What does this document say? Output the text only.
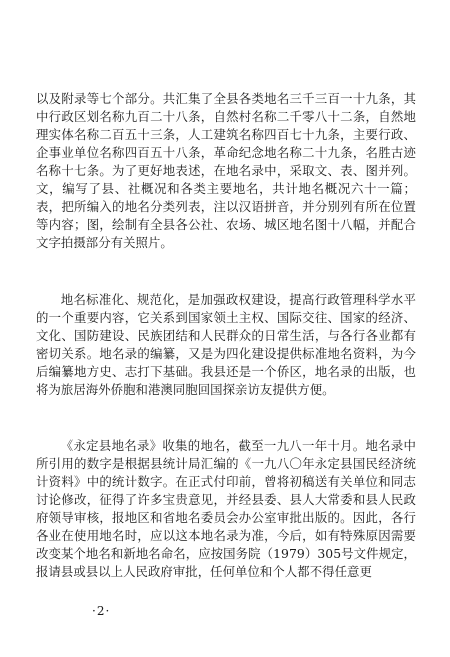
以及附录等七个部分。共汇集了全县各类地名三千三百一十九条，其中行政区划名称九百二十八条，自然村名称二千零八十二条，自然地理实体名称二百五十三条，人工建筑名称四百七十九条，主要行政、企事业单位名称四百五十八条，革命纪念地名称二十九条，名胜古迹名称十七条。为了更好地表述，在地名录中，采取文、表、图并列。文，编写了县、社概况和各类主要地名，共计地名概况六十一篇；表，把所编入的地名分类列表，注以汉语拼音，并分别列有所在位置等内容；图，绘制有全县各公社、农场、城区地名图十八幅，并配合文字拍摄部分有关照片。
地名标准化、规范化，是加强政权建设，提高行政管理科学水平的一个重要内容，它关系到国家领土主权、国际交往、国家的经济、文化、国防建设、民族团结和人民群众的日常生活，与各行各业都有密切关系。地名录的编纂，又是为四化建设提供标准地名资料，为今后编纂地方史、志打下基础。我县还是一个侨区，地名录的出版，也将为旅居海外侨胞和港澳同胞回国探亲访友提供方便。
《永定县地名录》收集的地名，截至一九八一年十月。地名录中所引用的数字是根据县统计局汇编的《一九八〇年永定县国民经济统计资料》中的统计数字。在正式付印前，曾将初稿送有关单位和同志讨论修改，征得了许多宝贵意见，并经县委、县人大常委和县人民政府领导审核，报地区和省地名委员会办公室审批出版的。因此，各行各业在使用地名时，应以这本地名录为准，今后，如有特殊原因需要改变某个地名和新地名命名，应按国务院（1979）305号文件规定，报请县或县以上人民政府审批，任何单位和个人都不得任意更
·2·
